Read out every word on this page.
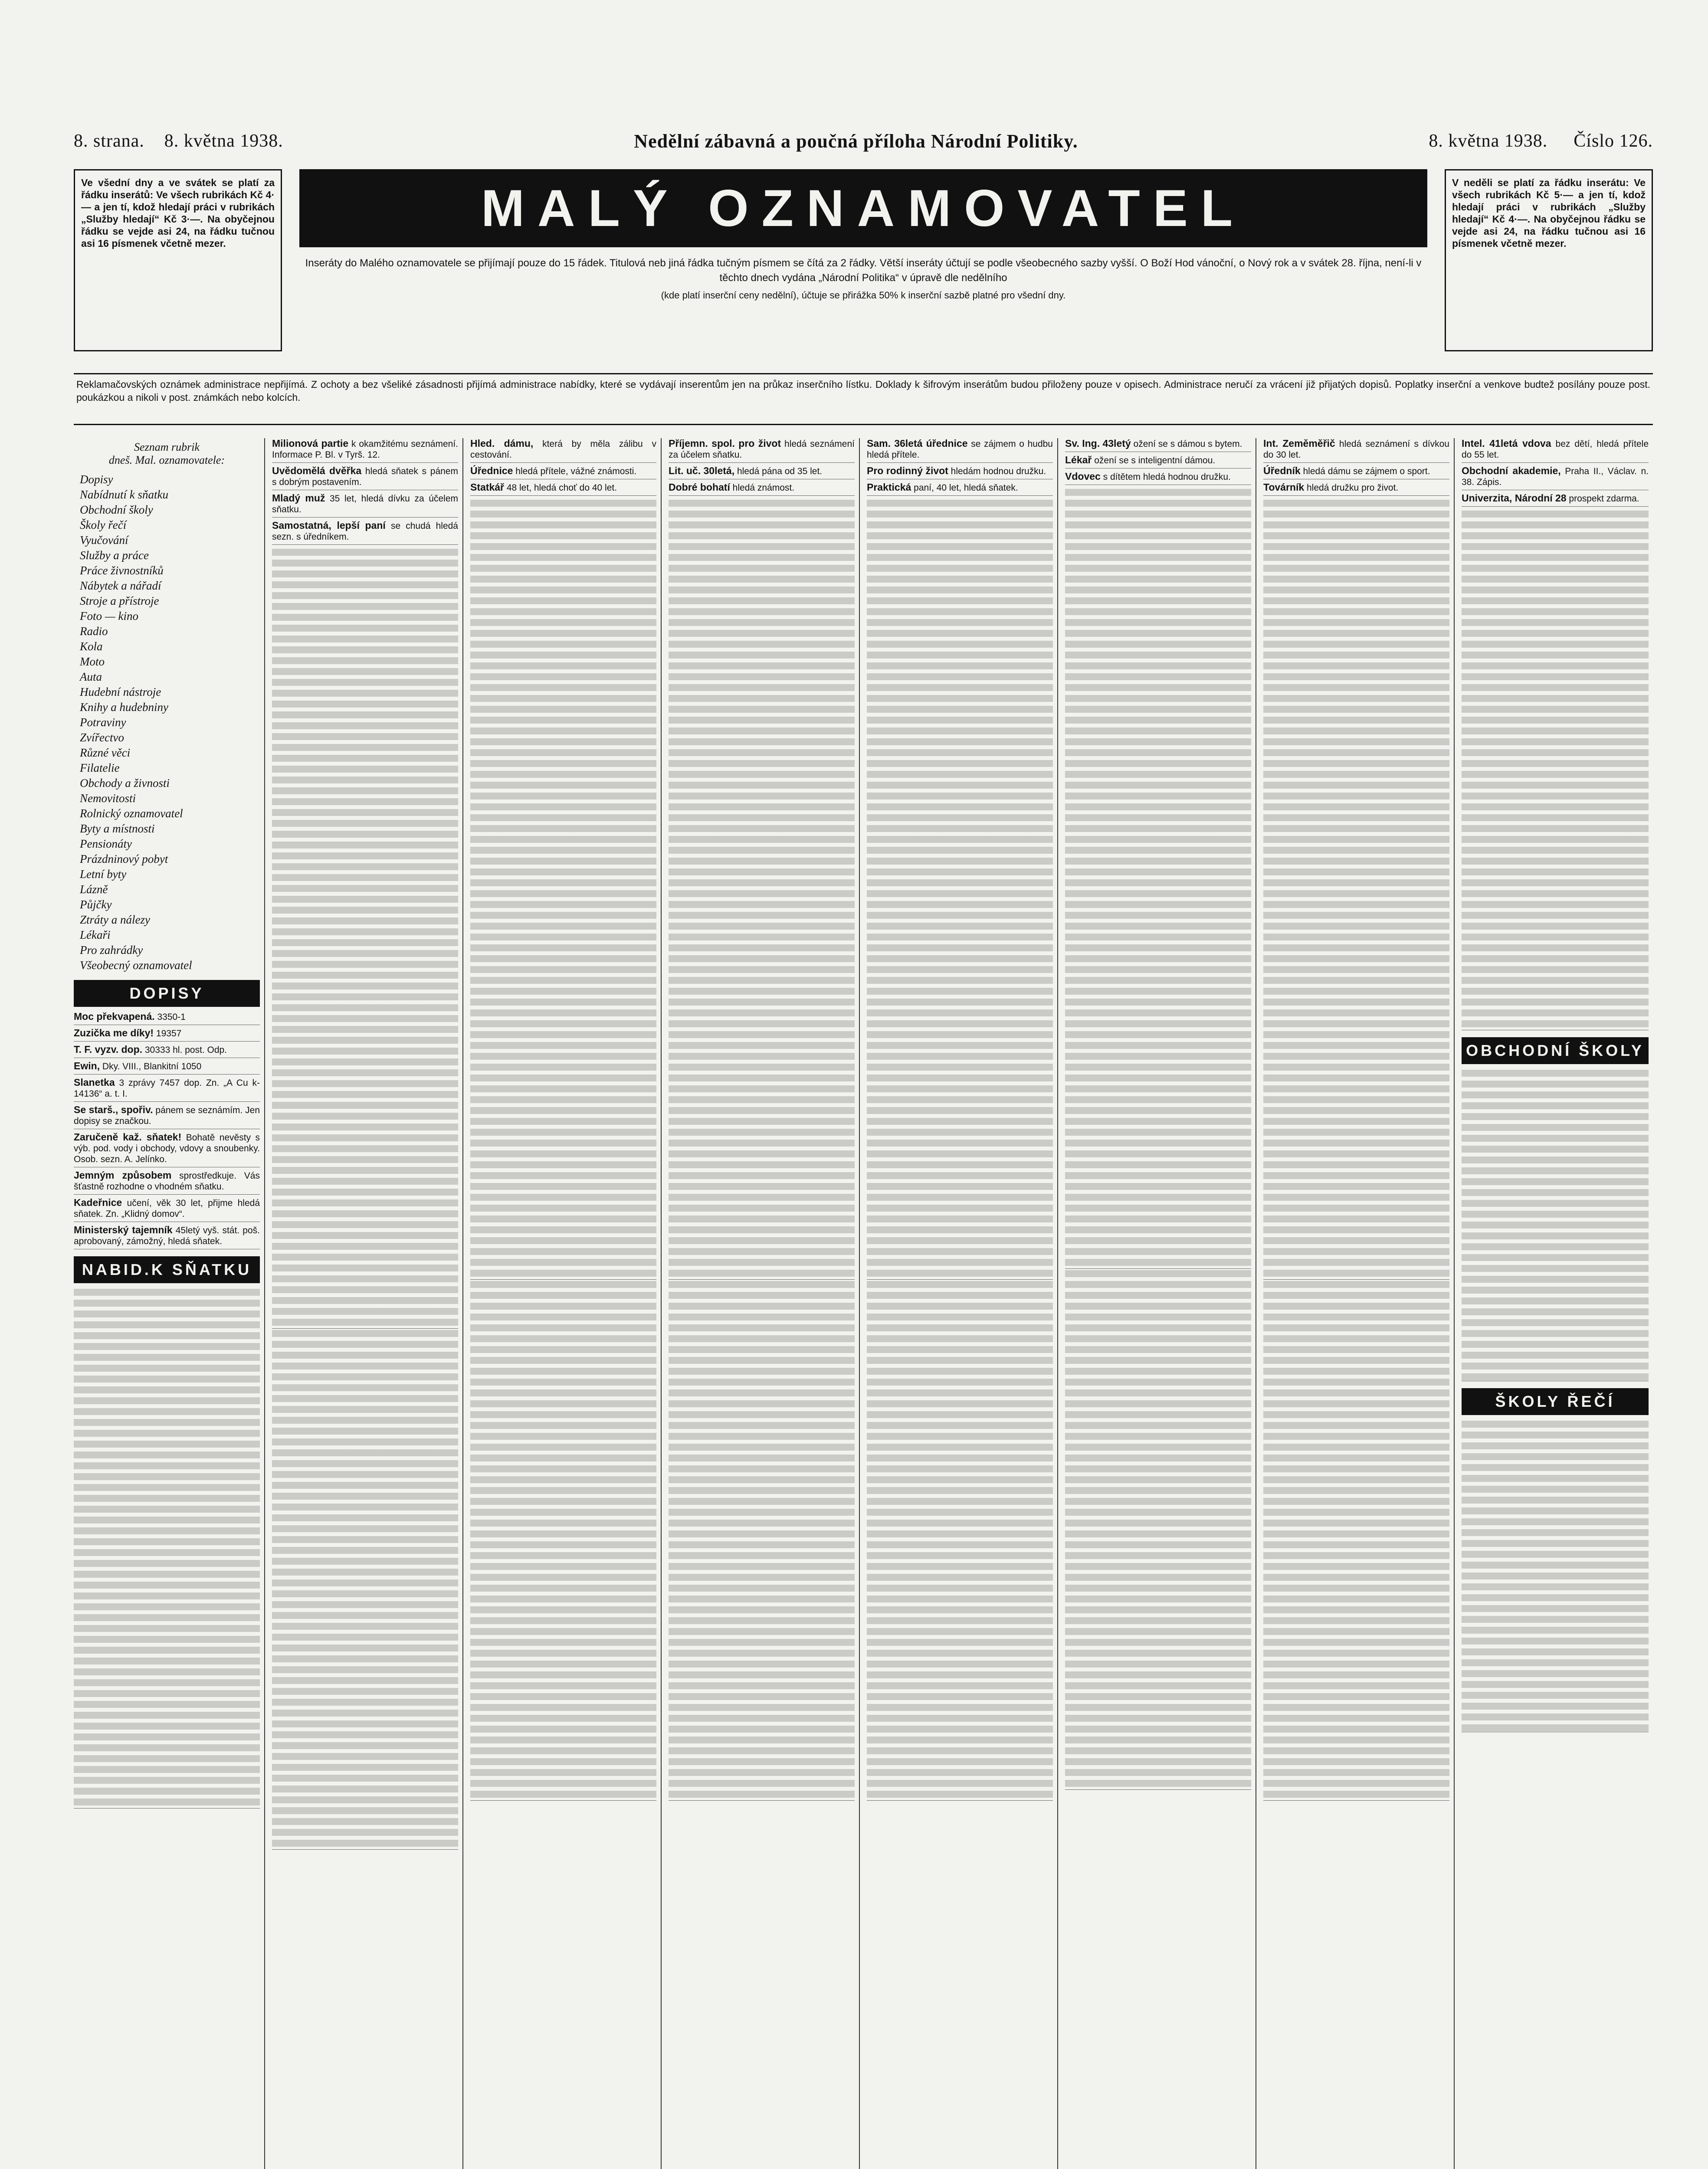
8. strana. 8. května 1938.	Nedělní zábavná a poučná příloha Národní Politiky.	8. května 1938. Číslo 126.
Ve všední dny a ve svátek se platí za řádku inserátů: Ve všech rubrikách Kč 4·— a jen tí, kdož hledají práci v rubrikách „Služby hledají“ Kč 3·—. Na obyčejnou řádku se vejde asi 24, na řádku tučnou asi 16 písmenek včetně mezer.
MALÝ OZNAMOVATEL
Inseráty do Malého oznamovatele se přijímají pouze do 15 řádek. Titulová neb jiná řádka tučným písmem se čítá za 2 řádky. Větší inseráty účtují se podle všeobecného sazby vyšší. O Boží Hod vánoční, o Nový rok a v svátek 28. října, není-li v těchto dnech vydána „Národní Politika“ v úpravě dle nedělního
(kde platí inserční ceny nedělní), účtuje se přirážka 50% k inserční sazbě platné pro všední dny.
V neděli se platí za řádku inserátu: Ve všech rubrikách Kč 5·— a jen tí, kdož hledají práci v rubrikách „Služby hledají“ Kč 4·—. Na obyčejnou řádku se vejde asi 24, na řádku tučnou asi 16 písmenek včetně mezer.
Reklamačovských oznámek administrace nepřijímá. Z ochoty a bez všeliké zásadnosti přijímá administrace nabídky, které se vydávají inserentům jen na průkaz inserčního lístku. Doklady k šifrovým inserátům budou přiloženy pouze v opisech. Administrace neručí za vrácení již přijatých dopisů. Poplatky inserční a venkove budtež posílány pouze post. poukázkou a nikoli v post. známkách nebo kolcích.
Seznam rubrik
dneš. Mal. oznamovatele:
Dopisy
Nabídnutí k sňatku
Obchodní školy
Školy řečí
Vyučování
Služby a práce
Práce živnostníků
Nábytek a nářadí
Stroje a přístroje
Foto — kino
Radio
Kola
Moto
Auta
Hudební nástroje
Knihy a hudebniny
Potraviny
Zvířectvo
Různé věci
Filatelie
Obchody a živnosti
Nemovitosti
Rolnický oznamovatel
Byty a místnosti
Pensionáty
Prázdninový pobyt
Letní byty
Lázně
Půjčky
Ztráty a nálezy
Lékaři
Pro zahrádky
Všeobecný oznamovatel
DOPISY
Moc překvapená. 3350-1
Zuzička me díky! 19357
T. F. vyzv. dop. 30333 hl. post. Odp.
Ewin, Dky. VIII., Blankitní 1050
Slanetka 3 zprávy 7457 dop. Zn. „A Cu k-14136“ a. t. I.
Se starš., spořiv. pánem se seznámím. Jen dopisy se značkou.
Zaručeně kaž. sňatek! Bohatě nevěsty s výb. pod. vody i obchody, vdovy a snoubenky. Osob. sezn. A. Jelínko.
Jemným způsobem sprostředkuje. Vás šťastně rozhodne o vhodném sňatku.
Kadeřnice učení, věk 30 let, přijme hledá sňatek. Zn. „Klidný domov“.
Ministerský tajemník 45letý vyš. stát. poš. aprobovaný, zámožný, hledá sňatek.
NABID.K SŇATKU
Milionová partie k okamžitému seznámení. Informace P. Bl. v Tyrš. 12.
Uvědomělá dvěřka hledá sňatek s pánem s dobrým postavením.
Mladý muž 35 let, hledá dívku za účelem sňatku.
Samostatná, lepší paní se chudá hledá sezn. s úředníkem.
Hled. dámu, která by měla zálibu v cestování.
Úřednice hledá přítele, vážné známosti.
Statkář 48 let, hledá choť do 40 let.
Příjemn. spol. pro život hledá seznámení za účelem sňatku.
Lit. uč. 30letá, hledá pána od 35 let.
Dobré bohatí hledá známost.
Sam. 36letá úřednice se zájmem o hudbu hledá přítele.
Pro rodinný život hledám hodnou družku.
Praktická paní, 40 let, hledá sňatek.
Sv. Ing. 43letý ožení se s dámou s bytem.
Lékař ožení se s inteligentní dámou.
Vdovec s dítětem hledá hodnou družku.
Int. Zeměměřič hledá seznámení s dívkou do 30 let.
Úředník hledá dámu se zájmem o sport.
Továrník hledá družku pro život.
Intel. 41letá vdova bez dětí, hledá přítele do 55 let.
Obchodní akademie, Praha II., Václav. n. 38. Zápis.
Univerzita, Národní 28 prospekt zdarma.
OBCHODNÍ ŠKOLY
ŠKOLY ŘEČÍ
